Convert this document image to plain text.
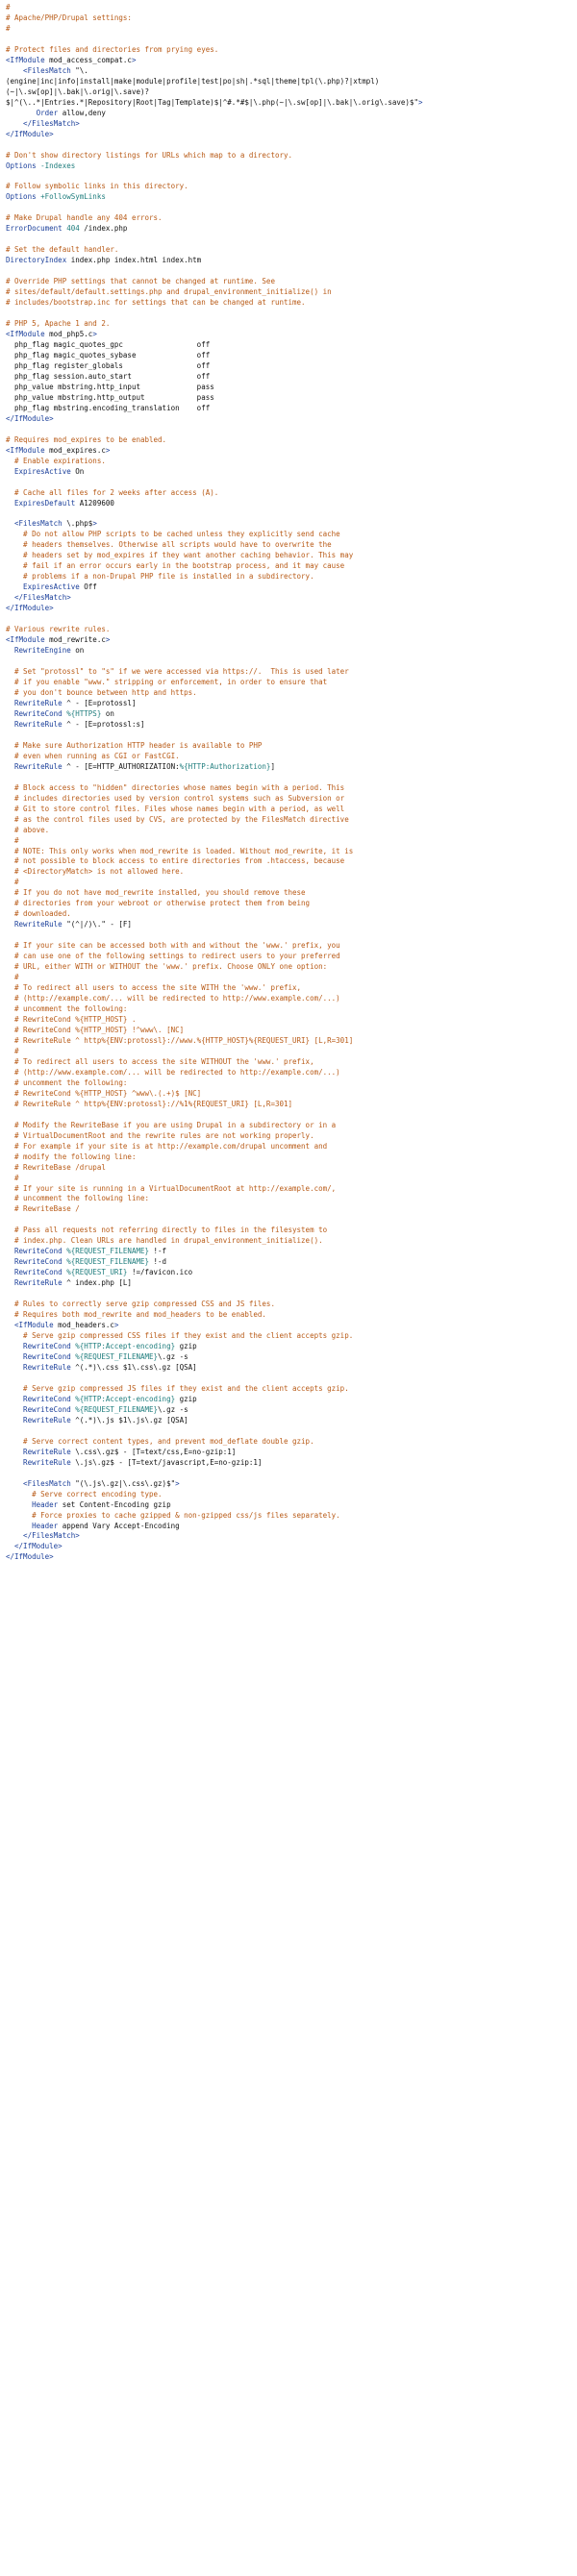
#
# Apache/PHP/Drupal settings:
#

# Protect files and directories from prying eyes.
<IfModule mod_access_compat.c>
<FilesMatch "\.
(engine|inc|info|install|make|module|profile|test|po|sh|.*sql|theme|tpl(\.php)?|xtmpl)
(~|\.sw[op]|\.bak|\.orig|\.save)?
$|^(\..*|Entries.*|Repository|Root|Tag|Template)$|^#.*#$|\.php(~|\.sw[op]|\.bak|\.orig\.save)$">
Order allow,deny
</FilesMatch>
</IfModule>

# Don't show directory listings for URLs which map to a directory.
Options -Indexes

# Follow symbolic links in this directory.
Options +FollowSymLinks

# Make Drupal handle any 404 errors.
ErrorDocument 404 /index.php

# Set the default handler.
DirectoryIndex index.php index.html index.htm

# Override PHP settings that cannot be changed at runtime. See
# sites/default/default.settings.php and drupal_environment_initialize() in
# includes/bootstrap.inc for settings that can be changed at runtime.

# PHP 5, Apache 1 and 2.
<IfModule mod_php5.c>
php_flag magic_quotes_gpc                 off
php_flag magic_quotes_sybase              off
php_flag register_globals                 off
php_flag session.auto_start               off
php_value mbstring.http_input             pass
php_value mbstring.http_output            pass
php_flag mbstring.encoding_translation    off
</IfModule>

# Requires mod_expires to be enabled.
<IfModule mod_expires.c>
# Enable expirations.
ExpiresActive On

# Cache all files for 2 weeks after access (A).
ExpiresDefault A1209600

<FilesMatch \.php$>
# Do not allow PHP scripts to be cached unless they explicitly send cache
# headers themselves. Otherwise all scripts would have to overwrite the
# headers set by mod_expires if they want another caching behavior. This may
# fail if an error occurs early in the bootstrap process, and it may cause
# problems if a non-Drupal PHP file is installed in a subdirectory.
ExpiresActive Off
</FilesMatch>
</IfModule>

# Various rewrite rules.
<IfModule mod_rewrite.c>
RewriteEngine on

# Set "protossl" to "s" if we were accessed via https://.  This is used later
# if you enable "www." stripping or enforcement, in order to ensure that
# you don't bounce between http and https.
RewriteRule ^ - [E=protossl]
RewriteCond %{HTTPS} on
RewriteRule ^ - [E=protossl:s]

# Make sure Authorization HTTP header is available to PHP
# even when running as CGI or FastCGI.
RewriteRule ^ - [E=HTTP_AUTHORIZATION:%{HTTP:Authorization}]

# Block access to "hidden" directories whose names begin with a period. This
# includes directories used by version control systems such as Subversion or
# Git to store control files. Files whose names begin with a period, as well
# as the control files used by CVS, are protected by the FilesMatch directive
# above.
#
# NOTE: This only works when mod_rewrite is loaded. Without mod_rewrite, it is
# not possible to block access to entire directories from .htaccess, because
# <DirectoryMatch> is not allowed here.
#
# If you do not have mod_rewrite installed, you should remove these
# directories from your webroot or otherwise protect them from being
# downloaded.
RewriteRule "(^|/)\." - [F]

# If your site can be accessed both with and without the 'www.' prefix, you
# can use one of the following settings to redirect users to your preferred
# URL, either WITH or WITHOUT the 'www.' prefix. Choose ONLY one option:
#
# To redirect all users to access the site WITH the 'www.' prefix,
# (http://example.com/... will be redirected to http://www.example.com/...)
# uncomment the following:
# RewriteCond %{HTTP_HOST} .
# RewriteCond %{HTTP_HOST} !^www\. [NC]
# RewriteRule ^ http%{ENV:protossl}://www.%{HTTP_HOST}%{REQUEST_URI} [L,R=301]
#
# To redirect all users to access the site WITHOUT the 'www.' prefix,
# (http://www.example.com/... will be redirected to http://example.com/...)
# uncomment the following:
# RewriteCond %{HTTP_HOST} ^www\.(.+)$ [NC]
# RewriteRule ^ http%{ENV:protossl}://%1%{REQUEST_URI} [L,R=301]

# Modify the RewriteBase if you are using Drupal in a subdirectory or in a
# VirtualDocumentRoot and the rewrite rules are not working properly.
# For example if your site is at http://example.com/drupal uncomment and
# modify the following line:
# RewriteBase /drupal
#
# If your site is running in a VirtualDocumentRoot at http://example.com/,
# uncomment the following line:
# RewriteBase /

# Pass all requests not referring directly to files in the filesystem to
# index.php. Clean URLs are handled in drupal_environment_initialize().
RewriteCond %{REQUEST_FILENAME} !-f
RewriteCond %{REQUEST_FILENAME} !-d
RewriteCond %{REQUEST_URI} !=/favicon.ico
RewriteRule ^ index.php [L]

# Rules to correctly serve gzip compressed CSS and JS files.
# Requires both mod_rewrite and mod_headers to be enabled.
<IfModule mod_headers.c>
# Serve gzip compressed CSS files if they exist and the client accepts gzip.
RewriteCond %{HTTP:Accept-encoding} gzip
RewriteCond %{REQUEST_FILENAME}\.gz -s
RewriteRule ^(.*)\.css $1\.css\.gz [QSA]

# Serve gzip compressed JS files if they exist and the client accepts gzip.
RewriteCond %{HTTP:Accept-encoding} gzip
RewriteCond %{REQUEST_FILENAME}\.gz -s
RewriteRule ^(.*)\.js $1\.js\.gz [QSA]

# Serve correct content types, and prevent mod_deflate double gzip.
RewriteRule \.css\.gz$ - [T=text/css,E=no-gzip:1]
RewriteRule \.js\.gz$ - [T=text/javascript,E=no-gzip:1]

<FilesMatch "(\.js\.gz|\.css\.gz)$">
# Serve correct encoding type.
Header set Content-Encoding gzip
# Force proxies to cache gzipped & non-gzipped css/js files separately.
Header append Vary Accept-Encoding
</FilesMatch>
</IfModule>
</IfModule>
